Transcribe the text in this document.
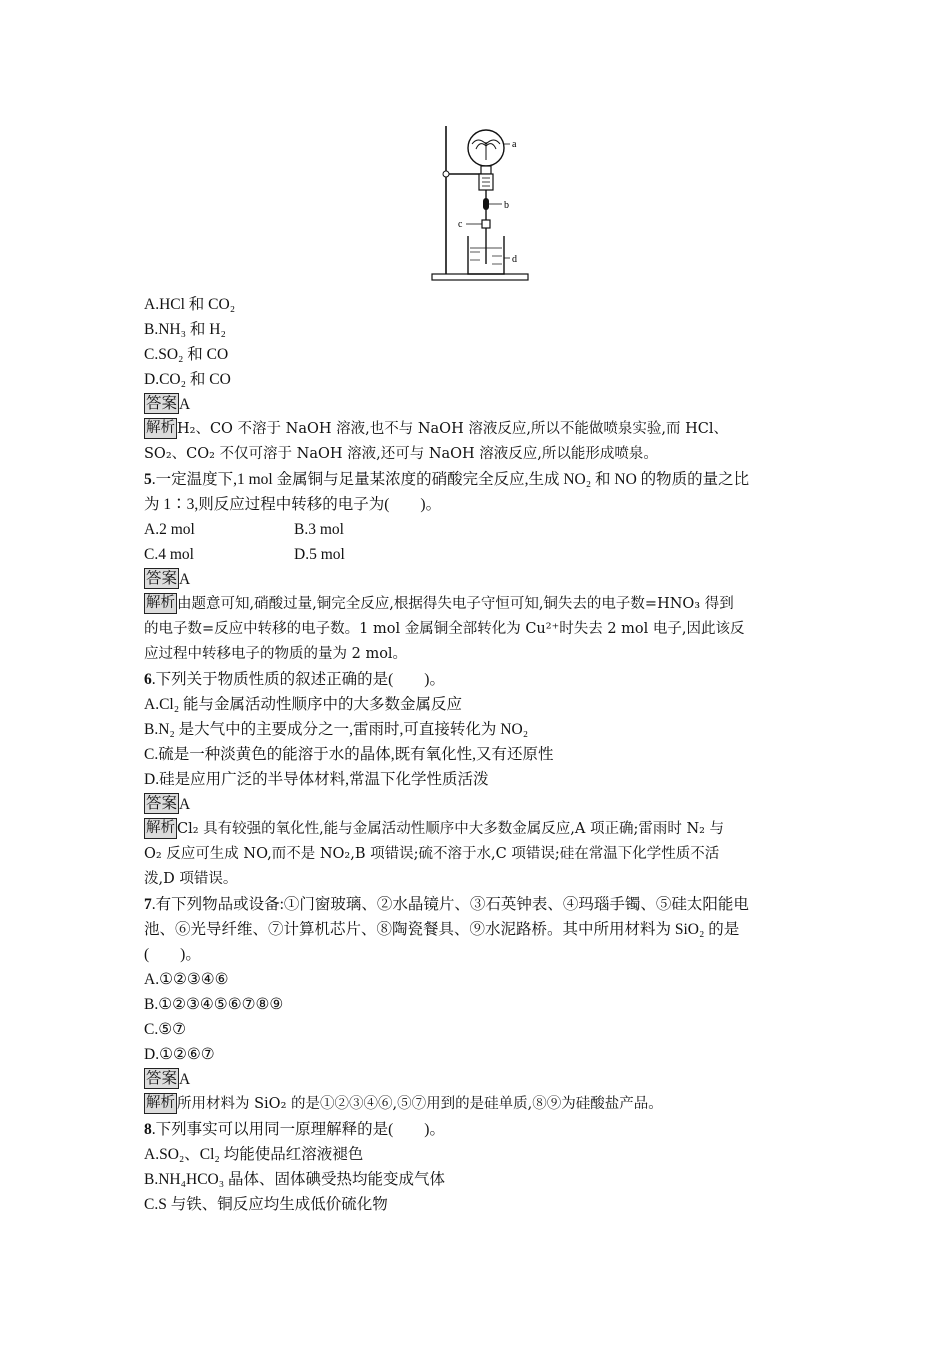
a
b
c
d
A.HCl 和 CO₂
B.NH₃ 和 H₂
C.SO₂ 和 CO
D.CO₂ 和 CO
答案 A
解析 H₂、CO 不溶于 NaOH 溶液,也不与 NaOH 溶液反应,所以不能做喷泉实验,而 HCl、
SO₂、CO₂ 不仅可溶于 NaOH 溶液,还可与 NaOH 溶液反应,所以能形成喷泉。
5.一定温度下,1 mol 金属铜与足量某浓度的硝酸完全反应,生成 NO₂ 和 NO 的物质的量之比
为 1∶3,则反应过程中转移的电子为(　　)。
A.2 mol	B.3 mol
C.4 mol	D.5 mol
答案 A
解析 由题意可知,硝酸过量,铜完全反应,根据得失电子守恒可知,铜失去的电子数=HNO₃ 得到
的电子数=反应中转移的电子数。1 mol 金属铜全部转化为 Cu²⁺时失去 2 mol 电子,因此该反
应过程中转移电子的物质的量为 2 mol。
6.下列关于物质性质的叙述正确的是(　　)。
A.Cl₂ 能与金属活动性顺序中的大多数金属反应
B.N₂ 是大气中的主要成分之一,雷雨时,可直接转化为 NO₂
C.硫是一种淡黄色的能溶于水的晶体,既有氧化性,又有还原性
D.硅是应用广泛的半导体材料,常温下化学性质活泼
答案 A
解析 Cl₂ 具有较强的氧化性,能与金属活动性顺序中大多数金属反应,A 项正确;雷雨时 N₂ 与
O₂ 反应可生成 NO,而不是 NO₂,B 项错误;硫不溶于水,C 项错误;硅在常温下化学性质不活
泼,D 项错误。
7.有下列物品或设备:①门窗玻璃、②水晶镜片、③石英钟表、④玛瑙手镯、⑤硅太阳能电
池、⑥光导纤维、⑦计算机芯片、⑧陶瓷餐具、⑨水泥路桥。其中所用材料为 SiO₂ 的是
(　　)。
A.①②③④⑥
B.①②③④⑤⑥⑦⑧⑨
C.⑤⑦
D.①②⑥⑦
答案 A
解析 所用材料为 SiO₂ 的是①②③④⑥,⑤⑦用到的是硅单质,⑧⑨为硅酸盐产品。
8.下列事实可以用同一原理解释的是(　　)。
A.SO₂、Cl₂ 均能使品红溶液褪色
B.NH₄HCO₃ 晶体、固体碘受热均能变成气体
C.S 与铁、铜反应均生成低价硫化物
